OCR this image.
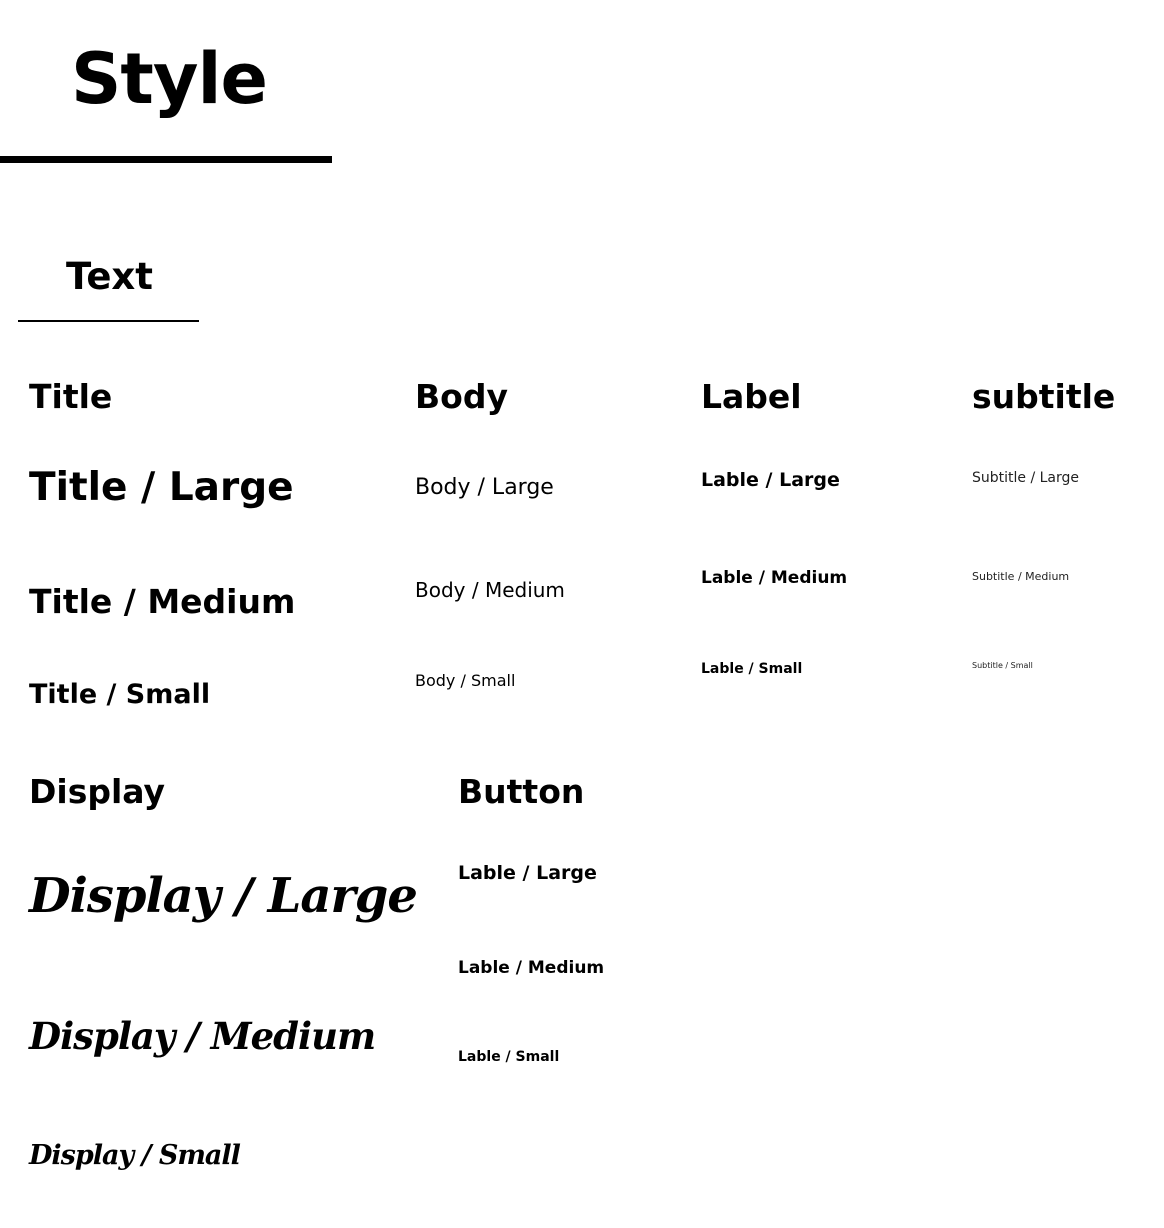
Style
Text
Title
Title / Large
Title / Medium
Title / Small
Body
Body / Large
Body / Medium
Body / Small
Label
Lable / Large
Lable / Medium
Lable / Small
subtitle
Subtitle / Large
Subtitle / Medium
Subtitle / Small
Display
Display / Large
Display / Medium
Display / Small
Button
Lable / Large
Lable / Medium
Lable / Small
